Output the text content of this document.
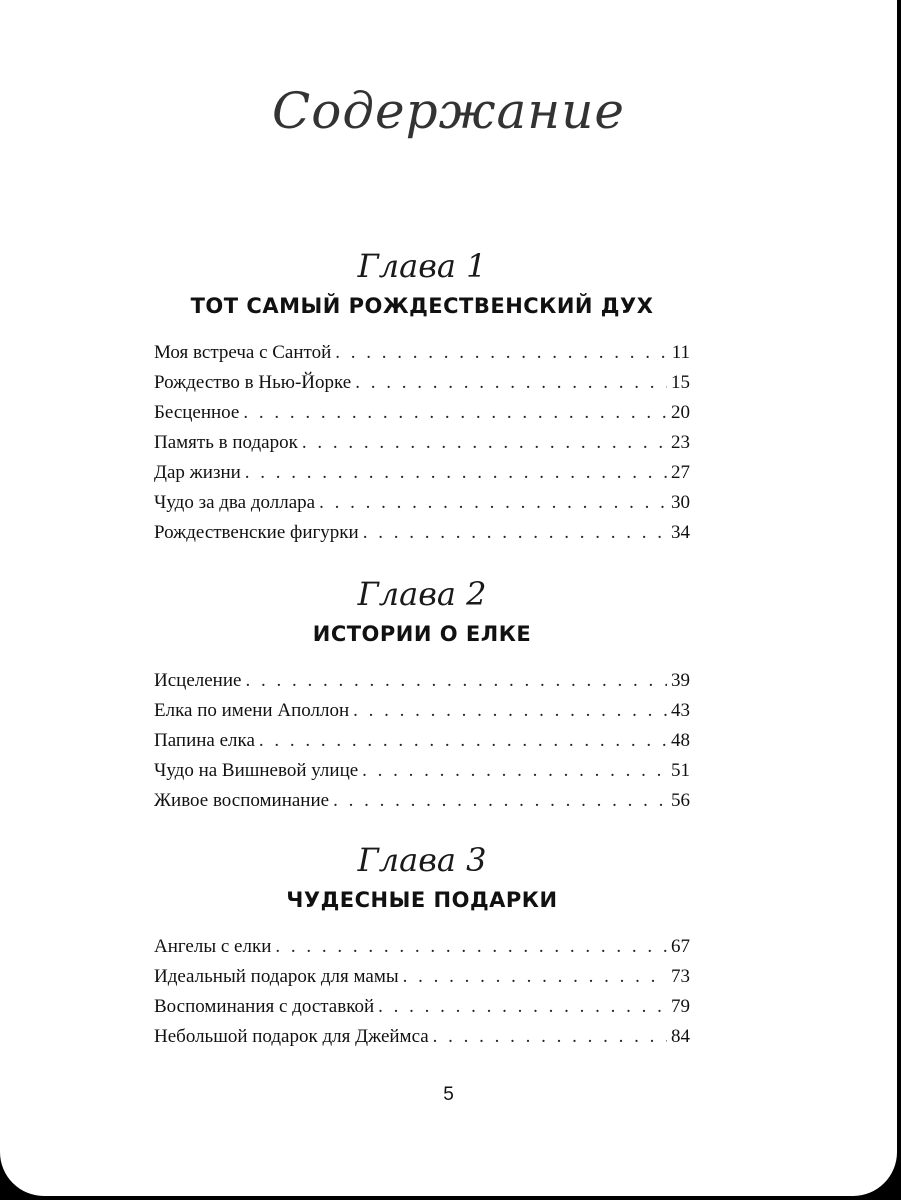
Содержание
Глава 1
ТОТ САМЫЙ РОЖДЕСТВЕНСКИЙ ДУХ
Моя встреча с Сантой . . .	11
Рождество в Нью-Йорке . . .	15
Бесценное . . .	20
Память в подарок . . .	23
Дар жизни . . .	27
Чудо за два доллара . . .	30
Рождественские фигурки . . .	34
Глава 2
ИСТОРИИ О ЕЛКЕ
Исцеление . . .	39
Елка по имени Аполлон . . .	43
Папина елка . . .	48
Чудо на Вишневой улице . . .	51
Живое воспоминание . . .	56
Глава 3
ЧУДЕСНЫЕ ПОДАРКИ
Ангелы с елки . . .	67
Идеальный подарок для мамы . . .	73
Воспоминания с доставкой . . .	79
Небольшой подарок для Джеймса . . .	84
5
